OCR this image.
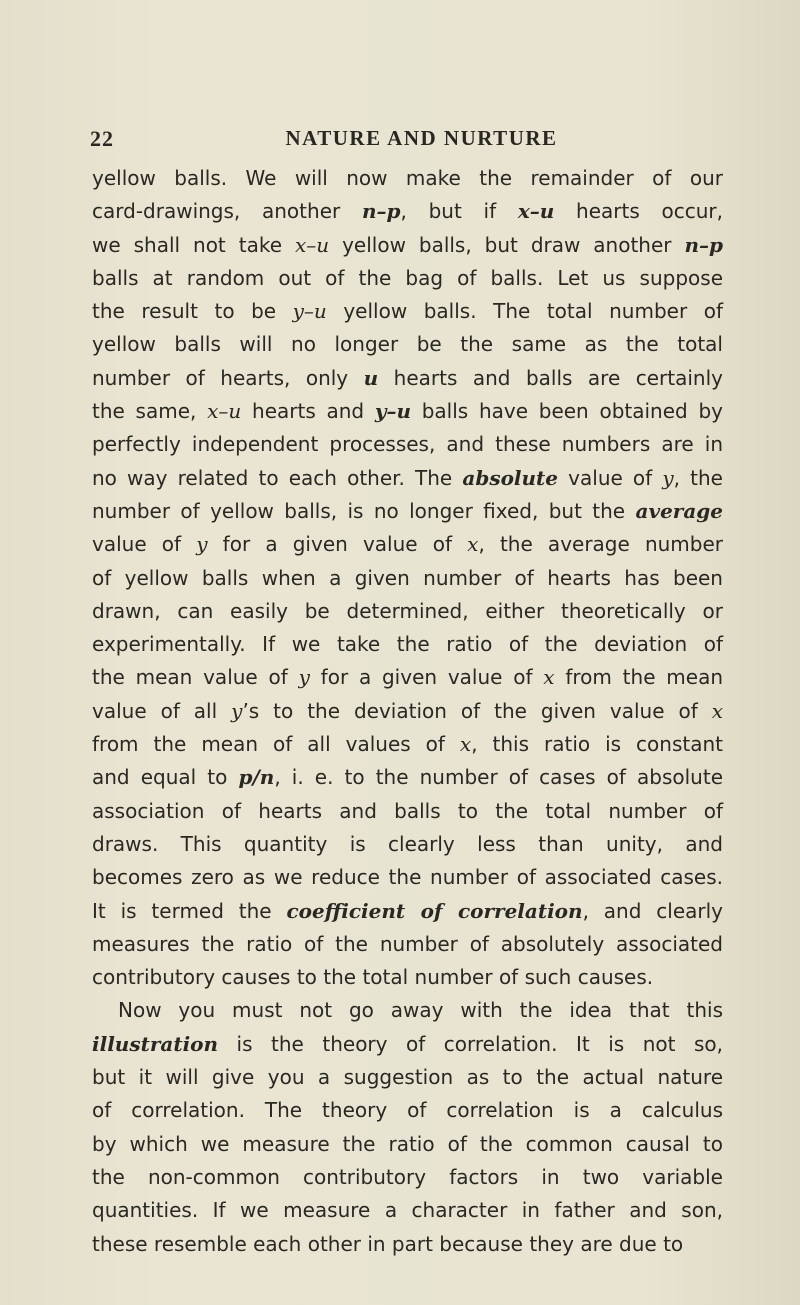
22	NATURE AND NURTURE
yellow balls. We will now make the remainder of our
card-drawings, another n–p, but if x–u hearts occur,
we shall not take x–u yellow balls, but draw another n–p
balls at random out of the bag of balls. Let us suppose
the result to be y–u yellow balls. The total number of
yellow balls will no longer be the same as the total
number of hearts, only u hearts and balls are certainly
the same, x–u hearts and y–u balls have been obtained by
perfectly independent processes, and these numbers are in
no way related to each other. The absolute value of y, the
number of yellow balls, is no longer fixed, but the average
value of y for a given value of x, the average number
of yellow balls when a given number of hearts has been
drawn, can easily be determined, either theoretically or
experimentally. If we take the ratio of the deviation of
the mean value of y for a given value of x from the mean
value of all y’s to the deviation of the given value of x
from the mean of all values of x, this ratio is constant
and equal to p/n, i. e. to the number of cases of absolute
association of hearts and balls to the total number of
draws. This quantity is clearly less than unity, and
becomes zero as we reduce the number of associated cases.
It is termed the coefficient of correlation, and clearly
measures the ratio of the number of absolutely associated
contributory causes to the total number of such causes.
Now you must not go away with the idea that this
illustration is the theory of correlation. It is not so,
but it will give you a suggestion as to the actual nature
of correlation. The theory of correlation is a calculus
by which we measure the ratio of the common causal to
the non-common contributory factors in two variable
quantities. If we measure a character in father and son,
these resemble each other in part because they are due to
